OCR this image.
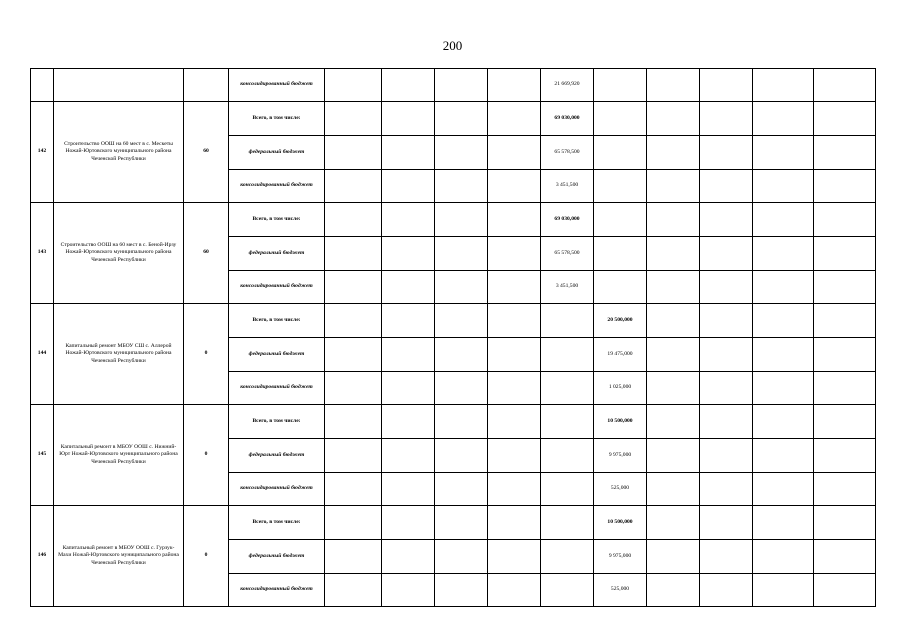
200
			консолидированный бюджет					21 669,920					
142	Строительство ООШ на 60 мест в с. Мескеты Ножай-Юртовского муниципального района Чеченской Республики	60	Всего, в том числе:					69 030,000					
			федеральный бюджет					65 578,500					
			консолидированный бюджет					3 451,500					
143	Строительство ООШ на 60 мест в с. Беной-Ирзу Ножай-Юртовского муниципального района Чеченской Республики	60	Всего, в том числе:					69 030,000					
			федеральный бюджет					65 578,500					
			консолидированный бюджет					3 451,500					
144	Капитальный ремонт МБОУ СШ с. Аллерой Ножай-Юртовского муниципального района Чеченской Республики	0	Всего, в том числе:						20 500,000				
			федеральный бюджет						19 475,000				
			консолидированный бюджет						1 025,000				
145	Капитальный ремонт в МБОУ ООШ с. Нижний-Юрт Ножай-Юртовского муниципального района Чеченской Республики	0	Всего, в том числе:						10 500,000				
			федеральный бюджет						9 975,000				
			консолидированный бюджет						525,000				
146	Капитальный ремонт в МБОУ ООШ с. Гурзук-Махи Ножай-Юртовского муниципального района Чеченской Республики	0	Всего, в том числе:						10 500,000				
			федеральный бюджет						9 975,000				
			консолидированный бюджет						525,000				
